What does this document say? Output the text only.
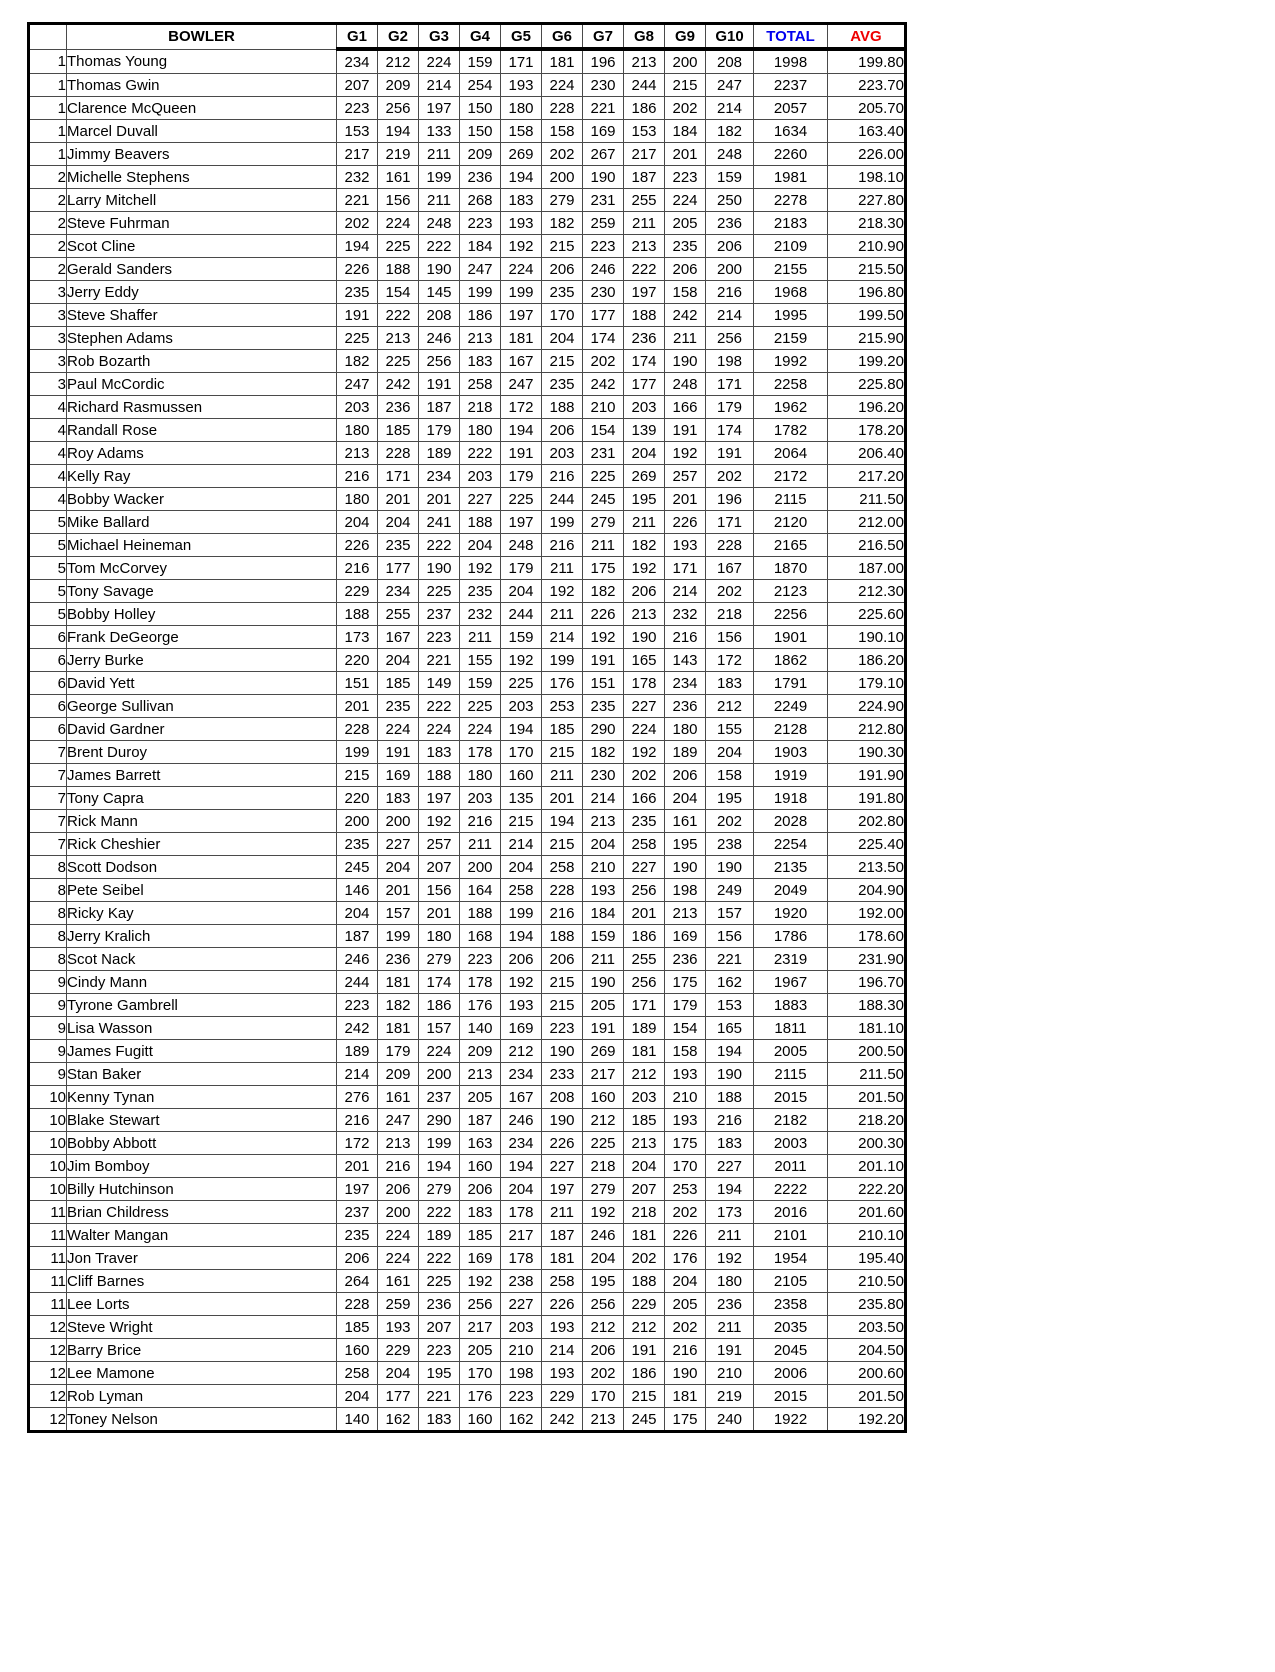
	BOWLER	G1	G2	G3	G4	G5	G6	G7	G8	G9	G10	TOTAL	AVG
1	Thomas Young	234	212	224	159	171	181	196	213	200	208	1998	199.80
1	Thomas Gwin	207	209	214	254	193	224	230	244	215	247	2237	223.70
1	Clarence McQueen	223	256	197	150	180	228	221	186	202	214	2057	205.70
1	Marcel Duvall	153	194	133	150	158	158	169	153	184	182	1634	163.40
1	Jimmy Beavers	217	219	211	209	269	202	267	217	201	248	2260	226.00
2	Michelle Stephens	232	161	199	236	194	200	190	187	223	159	1981	198.10
2	Larry Mitchell	221	156	211	268	183	279	231	255	224	250	2278	227.80
2	Steve Fuhrman	202	224	248	223	193	182	259	211	205	236	2183	218.30
2	Scot Cline	194	225	222	184	192	215	223	213	235	206	2109	210.90
2	Gerald Sanders	226	188	190	247	224	206	246	222	206	200	2155	215.50
3	Jerry Eddy	235	154	145	199	199	235	230	197	158	216	1968	196.80
3	Steve Shaffer	191	222	208	186	197	170	177	188	242	214	1995	199.50
3	Stephen Adams	225	213	246	213	181	204	174	236	211	256	2159	215.90
3	Rob Bozarth	182	225	256	183	167	215	202	174	190	198	1992	199.20
3	Paul McCordic	247	242	191	258	247	235	242	177	248	171	2258	225.80
4	Richard Rasmussen	203	236	187	218	172	188	210	203	166	179	1962	196.20
4	Randall Rose	180	185	179	180	194	206	154	139	191	174	1782	178.20
4	Roy Adams	213	228	189	222	191	203	231	204	192	191	2064	206.40
4	Kelly Ray	216	171	234	203	179	216	225	269	257	202	2172	217.20
4	Bobby Wacker	180	201	201	227	225	244	245	195	201	196	2115	211.50
5	Mike Ballard	204	204	241	188	197	199	279	211	226	171	2120	212.00
5	Michael Heineman	226	235	222	204	248	216	211	182	193	228	2165	216.50
5	Tom McCorvey	216	177	190	192	179	211	175	192	171	167	1870	187.00
5	Tony Savage	229	234	225	235	204	192	182	206	214	202	2123	212.30
5	Bobby Holley	188	255	237	232	244	211	226	213	232	218	2256	225.60
6	Frank DeGeorge	173	167	223	211	159	214	192	190	216	156	1901	190.10
6	Jerry Burke	220	204	221	155	192	199	191	165	143	172	1862	186.20
6	David Yett	151	185	149	159	225	176	151	178	234	183	1791	179.10
6	George Sullivan	201	235	222	225	203	253	235	227	236	212	2249	224.90
6	David Gardner	228	224	224	224	194	185	290	224	180	155	2128	212.80
7	Brent Duroy	199	191	183	178	170	215	182	192	189	204	1903	190.30
7	James Barrett	215	169	188	180	160	211	230	202	206	158	1919	191.90
7	Tony Capra	220	183	197	203	135	201	214	166	204	195	1918	191.80
7	Rick Mann	200	200	192	216	215	194	213	235	161	202	2028	202.80
7	Rick Cheshier	235	227	257	211	214	215	204	258	195	238	2254	225.40
8	Scott Dodson	245	204	207	200	204	258	210	227	190	190	2135	213.50
8	Pete Seibel	146	201	156	164	258	228	193	256	198	249	2049	204.90
8	Ricky Kay	204	157	201	188	199	216	184	201	213	157	1920	192.00
8	Jerry Kralich	187	199	180	168	194	188	159	186	169	156	1786	178.60
8	Scot Nack	246	236	279	223	206	206	211	255	236	221	2319	231.90
9	Cindy Mann	244	181	174	178	192	215	190	256	175	162	1967	196.70
9	Tyrone Gambrell	223	182	186	176	193	215	205	171	179	153	1883	188.30
9	Lisa Wasson	242	181	157	140	169	223	191	189	154	165	1811	181.10
9	James Fugitt	189	179	224	209	212	190	269	181	158	194	2005	200.50
9	Stan Baker	214	209	200	213	234	233	217	212	193	190	2115	211.50
10	Kenny Tynan	276	161	237	205	167	208	160	203	210	188	2015	201.50
10	Blake Stewart	216	247	290	187	246	190	212	185	193	216	2182	218.20
10	Bobby Abbott	172	213	199	163	234	226	225	213	175	183	2003	200.30
10	Jim Bomboy	201	216	194	160	194	227	218	204	170	227	2011	201.10
10	Billy Hutchinson	197	206	279	206	204	197	279	207	253	194	2222	222.20
11	Brian Childress	237	200	222	183	178	211	192	218	202	173	2016	201.60
11	Walter Mangan	235	224	189	185	217	187	246	181	226	211	2101	210.10
11	Jon Traver	206	224	222	169	178	181	204	202	176	192	1954	195.40
11	Cliff Barnes	264	161	225	192	238	258	195	188	204	180	2105	210.50
11	Lee Lorts	228	259	236	256	227	226	256	229	205	236	2358	235.80
12	Steve Wright	185	193	207	217	203	193	212	212	202	211	2035	203.50
12	Barry Brice	160	229	223	205	210	214	206	191	216	191	2045	204.50
12	Lee Mamone	258	204	195	170	198	193	202	186	190	210	2006	200.60
12	Rob Lyman	204	177	221	176	223	229	170	215	181	219	2015	201.50
12	Toney Nelson	140	162	183	160	162	242	213	245	175	240	1922	192.20
